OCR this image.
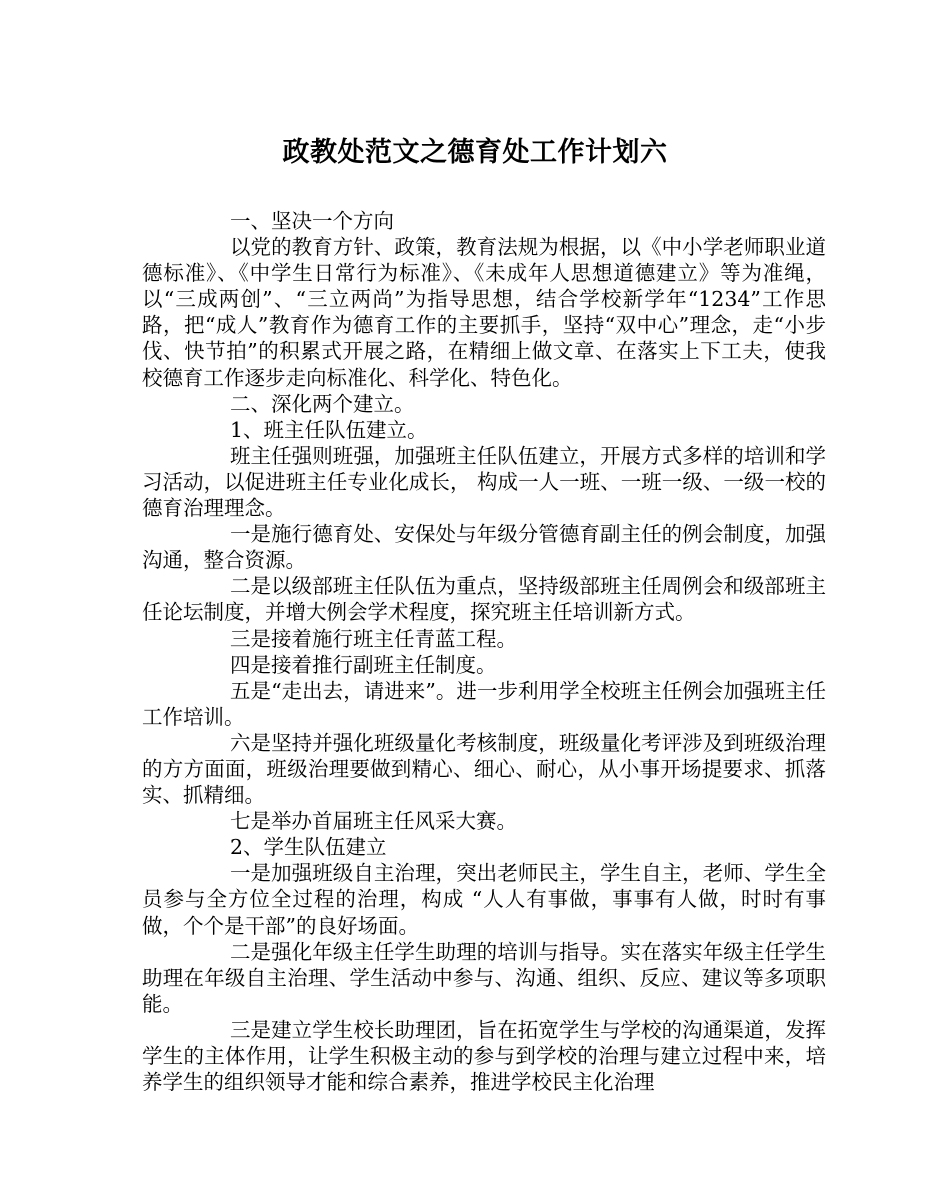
政教处范文之德育处工作计划六

一、坚决一个方向

以党的教育方针、政策，教育法规为根据，以《中小学老师职业道德标准》、《中学生日常行为标准》、《未成年人思想道德建立》等为准绳，以“三成两创”、“三立两尚”为指导思想，结合学校新学年“1234”工作思路，把“成人”教育作为德育工作的主要抓手，坚持“双中心”理念，走“小步伐、快节拍”的积累式开展之路，在精细上做文章、在落实上下工夫，使我校德育工作逐步走向标准化、科学化、特色化。

二、深化两个建立。

1、班主任队伍建立。

班主任强则班强，加强班主任队伍建立，开展方式多样的培训和学习活动，以促进班主任专业化成长， 构成一人一班、一班一级、一级一校的德育治理理念。

一是施行德育处、安保处与年级分管德育副主任的例会制度，加强沟通，整合资源。

二是以级部班主任队伍为重点，坚持级部班主任周例会和级部班主任论坛制度，并增大例会学术程度，探究班主任培训新方式。

三是接着施行班主任青蓝工程。

四是接着推行副班主任制度。

五是“走出去，请进来”。进一步利用学全校班主任例会加强班主任工作培训。

六是坚持并强化班级量化考核制度，班级量化考评涉及到班级治理的方方面面，班级治理要做到精心、细心、耐心，从小事开场提要求、抓落实、抓精细。

七是举办首届班主任风采大赛。

2、学生队伍建立

一是加强班级自主治理，突出老师民主，学生自主，老师、学生全员参与全方位全过程的治理，构成 “人人有事做，事事有人做，时时有事做，个个是干部”的良好场面。

二是强化年级主任学生助理的培训与指导。实在落实年级主任学生助理在年级自主治理、学生活动中参与、沟通、组织、反应、建议等多项职能。

三是建立学生校长助理团，旨在拓宽学生与学校的沟通渠道，发挥学生的主体作用，让学生积极主动的参与到学校的治理与建立过程中来，培养学生的组织领导才能和综合素养，推进学校民主化治理
